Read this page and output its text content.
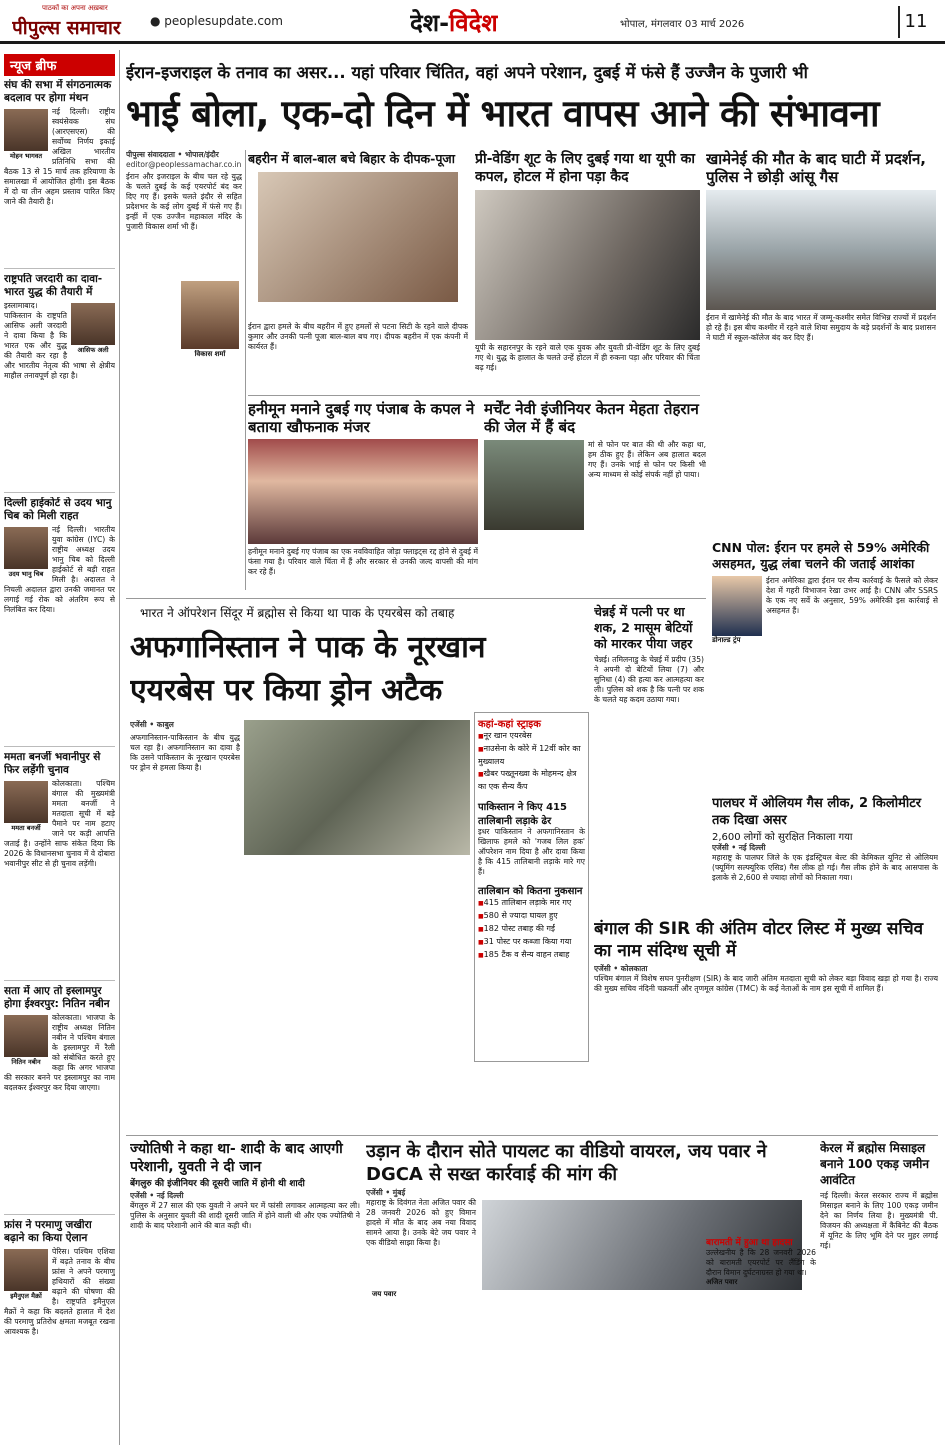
पाठकों का अपना अख़बार
पीपुल्स समाचार ● peoplesupdate.com	देश-विदेश	भोपाल, मंगलवार 03 मार्च 2026	11
न्यूज ब्रीफ
संघ की सभा में संगठनात्मक बदलाव पर होगा मंथन
मोहन भागवत

नई दिल्ली। राष्ट्रीय स्वयंसेवक संघ (आरएसएस) की सर्वोच्च निर्णय इकाई अखिल भारतीय प्रतिनिधि सभा की बैठक 13 से 15 मार्च तक हरियाणा के समालखा में आयोजित होगी। इस बैठक में दो या तीन अहम प्रस्ताव पारित किए जाने की तैयारी है।

राष्ट्रपति जरदारी का दावा- भारत युद्ध की तैयारी में
आसिफ अली

इस्लामाबाद। पाकिस्तान के राष्ट्रपति आसिफ अली जरदारी ने दावा किया है कि भारत एक और युद्ध की तैयारी कर रहा है और भारतीय नेतृत्व की भाषा से क्षेत्रीय माहौल तनावपूर्ण हो रहा है।

दिल्ली हाईकोर्ट से उदय भानु चिब को मिली राहत
उदय भानु चिब

नई दिल्ली। भारतीय युवा कांग्रेस (IYC) के राष्ट्रीय अध्यक्ष उदय भानु चिब को दिल्ली हाईकोर्ट से बड़ी राहत मिली है। अदालत ने निचली अदालत द्वारा उनकी जमानत पर लगाई गई रोक को अंतरिम रूप से निलंबित कर दिया।

ममता बनर्जी भवानीपुर से फिर लड़ेंगी चुनाव
ममता बनर्जी

कोलकाता। पश्चिम बंगाल की मुख्यमंत्री ममता बनर्जी ने मतदाता सूची में बड़े पैमाने पर नाम हटाए जाने पर कड़ी आपत्ति जताई है। उन्होंने साफ संकेत दिया कि 2026 के विधानसभा चुनाव में वे दोबारा भवानीपुर सीट से ही चुनाव लड़ेंगी।

सता में आए तो इस्लामपुर होगा ईश्वरपुर: नितिन नबीन
नितिन नबीन

कोलकाता। भाजपा के राष्ट्रीय अध्यक्ष नितिन नबीन ने पश्चिम बंगाल के इस्लामपुर में रैली को संबोधित करते हुए कहा कि अगर भाजपा की सरकार बनने पर इस्लामपुर का नाम बदलकर ईश्वरपुर कर दिया जाएगा।

फ्रांस ने परमाणु जखीरा बढ़ाने का किया ऐलान
इमैनुएल मैक्रों

पेरिस। पश्चिम एशिया में बढ़ते तनाव के बीच फ्रांस ने अपने परमाणु हथियारों की संख्या बढ़ाने की घोषणा की है। राष्ट्रपति इमैनुएल मैक्रों ने कहा कि बदलते हालात में देश की परमाणु प्रतिरोध क्षमता मजबूत रखना आवश्यक है।

ईरान-इजराइल के तनाव का असर... यहां परिवार चिंतित, वहां अपने परेशान, दुबई में फंसे हैं उज्जैन के पुजारी भी
भाई बोला, एक-दो दिन में भारत वापस आने की संभावना
पीपुल्स संवाददाता • भोपाल/इंदौर
editor@peoplessamachar.co.in
ईरान और इजराइल के बीच चल रहे युद्ध के चलते दुबई के कई एयरपोर्ट बंद कर दिए गए हैं। इसके चलते इंदौर से सहित प्रदेशभर के कई लोग दुबई में फंसे गए हैं। इन्हीं में एक उज्जैन महाकाल मंदिर के पुजारी विकास शर्मा भी हैं।
बहरीन में बाल-बाल बचे बिहार के दीपक-पूजा
विकास शर्मा
ईरान द्वारा हमले के बीच बहरीन में हुए हमलों से पटना सिटी के रहने वाले दीपक कुमार और उनकी पत्नी पूजा बाल-बाल बच गए। दीपक बहरीन में एक कंपनी में कार्यरत हैं।
प्री-वेडिंग शूट के लिए दुबई गया था यूपी का कपल, होटल में होना पड़ा कैद
यूपी के सहारनपुर के रहने वाले एक युवक और युवती प्री-वेडिंग शूट के लिए दुबई गए थे। युद्ध के हालात के चलते उन्हें होटल में ही रुकना पड़ा और परिवार की चिंता बढ़ गई।
खामेनेई की मौत के बाद घाटी में प्रदर्शन, पुलिस ने छोड़ी आंसू गैस
ईरान में खामेनेई की मौत के बाद भारत में जम्मू-कश्मीर समेत विभिन्न राज्यों में प्रदर्शन हो रहे हैं। इस बीच कश्मीर में रहने वाले शिया समुदाय के बड़े प्रदर्शनों के बाद प्रशासन ने घाटी में स्कूल-कॉलेज बंद कर दिए हैं।
हनीमून मनाने दुबई गए पंजाब के कपल ने बताया खौफनाक मंजर
हनीमून मनाने दुबई गए पंजाब का एक नवविवाहित जोड़ा फ्लाइट्स रद्द होने से दुबई में फंसा गया है। परिवार वाले चिंता में हैं और सरकार से उनकी जल्द वापसी की मांग कर रहे हैं।
मर्चेंट नेवी इंजीनियर केतन मेहता तेहरान की जेल में हैं बंद
मां से फोन पर बात की थी और कहा था, हम ठीक हुए हैं। लेकिन अब हालात बदल गए हैं। उनके भाई से फोन पर किसी भी अन्य माध्यम से कोई संपर्क नहीं हो पाया।
CNN पोल: ईरान पर हमले से 59% अमेरिकी असहमत, युद्ध लंबा चलने की जताई आशंका
ईरान अमेरिका द्वारा ईरान पर सैन्य कार्रवाई के फैसले को लेकर देश में गहरी विभाजन रेखा उभर आई है। CNN और SSRS के एक नए सर्वे के अनुसार, 59% अमेरिकी इस कार्रवाई से असहमत हैं।
डोनाल्ड ट्रंप
भारत ने ऑपरेशन सिंदूर में ब्रह्मोस से किया था पाक के एयरबेस को तबाह
अफगानिस्तान ने पाक के नूरखान
एयरबेस पर किया ड्रोन अटैक
एजेंसी • काबुल
अफगानिस्तान-पाकिस्तान के बीच युद्ध चल रहा है। अफगानिस्तान का दावा है कि उसने पाकिस्तान के नूरखान एयरबेस पर ड्रोन से हमला किया है।
कहां-कहां स्ट्राइक
■ नूर खान एयरबेस
■ नाउसेना के कोरे में 12वीं कोर का मुख्यालय
■ खैबर पख्तूनख्वा के मोहमन्द क्षेत्र का एक सैन्य कैंप
पाकिस्तान ने किए 415 तालिबानी लड़ाके ढेर
इधर पाकिस्तान ने अफगानिस्तान के खिलाफ हमले को 'गजब लिल हक' ऑपरेशन नाम दिया है और दावा किया है कि 415 तालिबानी लड़ाके मारे गए हैं।
तालिबान को कितना नुकसान
■ 415 तालिबान लड़ाके मार गए
■ 580 से ज्यादा घायल हुए
■ 182 पोस्ट तबाह की गईं
■ 31 पोस्ट पर कब्जा किया गया
■ 185 टैंक व सैन्य वाहन तबाह
चेन्नई में पत्नी पर था शक, 2 मासूम बेटियों को मारकर पीया जहर
चेन्नई। तमिलनाडु के चेन्नई में प्रदीप (35) ने अपनी दो बेटियों लिया (7) और सुनिधा (4) की हत्या कर आत्महत्या कर ली। पुलिस को शक है कि पत्नी पर शक के चलते यह कदम उठाया गया।
पालघर में ओलियम गैस लीक, 2 किलोमीटर तक दिखा असर
2,600 लोगों को सुरक्षित निकाला गया
एजेंसी • नई दिल्ली
महाराष्ट्र के पालघर जिले के एक इंडस्ट्रियल बेल्ट की केमिकल यूनिट से ओलियम (फ्यूमिंग सल्फ्यूरिक एसिड) गैस लीक हो गई। गैस लीक होने के बाद आसपास के इलाके से 2,600 से ज्यादा लोगों को निकाला गया।
बंगाल की SIR की अंतिम वोटर लिस्ट में मुख्य सचिव का नाम संदिग्ध सूची में
एजेंसी • कोलकाता
पश्चिम बंगाल में विशेष सघन पुनरीक्षण (SIR) के बाद जारी अंतिम मतदाता सूची को लेकर बड़ा विवाद खड़ा हो गया है। राज्य की मुख्य सचिव नंदिनी चक्रवर्ती और तृणमूल कांग्रेस (TMC) के कई नेताओं के नाम इस सूची में शामिल हैं।
ज्योतिषी ने कहा था- शादी के बाद आएगी परेशानी, युवती ने दी जान
बेंगलुरु की इंजीनियर की दूसरी जाति में होनी थी शादी
एजेंसी • नई दिल्ली
बेंगलुरु में 27 साल की एक युवती ने अपने घर में फांसी लगाकर आत्महत्या कर ली। पुलिस के अनुसार युवती की शादी दूसरी जाति में होने वाली थी और एक ज्योतिषी ने शादी के बाद परेशानी आने की बात कही थी।
उड़ान के दौरान सोते पायलट का वीडियो वायरल, जय पवार ने DGCA से सख्त कार्रवाई की मांग की
एजेंसी • मुंबई
महाराष्ट्र के दिवंगत नेता अजित पवार की 28 जनवरी 2026 को हुए विमान हादसे में मौत के बाद अब नया विवाद सामने आया है। उनके बेटे जय पवार ने एक वीडियो साझा किया है।
जय पवार
बारामती में हुआ था हादसा
उल्लेखनीय है कि 28 जनवरी 2026 को बारामती एयरपोर्ट पर लैंडिंग के दौरान विमान दुर्घटनाग्रस्त हो गया था।
अजित पवार
केरल में ब्रह्मोस मिसाइल बनाने 100 एकड़ जमीन आवंटित
नई दिल्ली। केरल सरकार राज्य में ब्रह्मोस मिसाइल बनाने के लिए 100 एकड़ जमीन देने का निर्णय लिया है। मुख्यमंत्री पी. विजयन की अध्यक्षता में कैबिनेट की बैठक में यूनिट के लिए भूमि देने पर मुहर लगाई गई।
